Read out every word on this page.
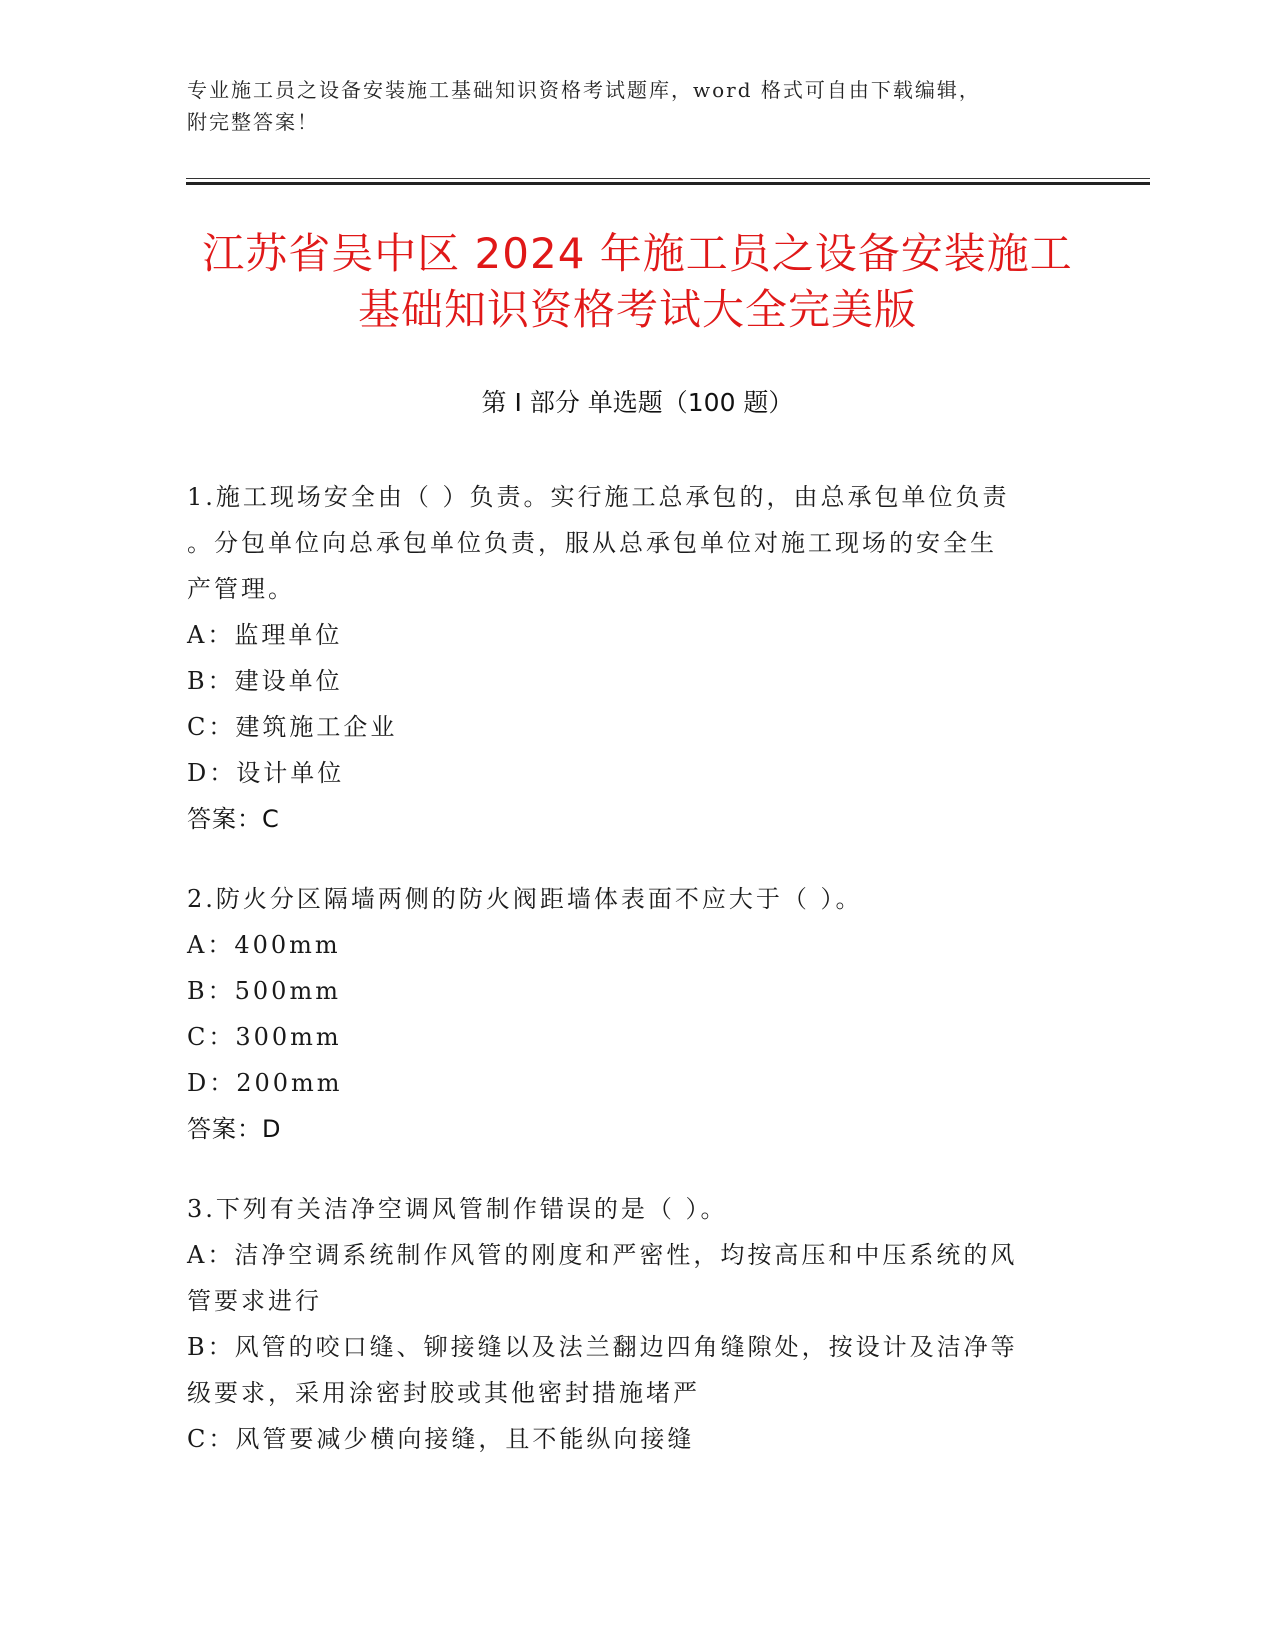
专业施工员之设备安装施工基础知识资格考试题库，word 格式可自由下载编辑，
附完整答案！
江苏省吴中区 2024 年施工员之设备安装施工
基础知识资格考试大全完美版
第 I 部分 单选题（100 题）
1.施工现场安全由（ ）负责。实行施工总承包的，由总承包单位负责
。分包单位向总承包单位负责，服从总承包单位对施工现场的安全生
产管理。
A：监理单位
B：建设单位
C：建筑施工企业
D：设计单位
答案：C
2.防火分区隔墙两侧的防火阀距墙体表面不应大于（ ）。
A：400mm
B：500mm
C：300mm
D：200mm
答案：D
3.下列有关洁净空调风管制作错误的是（ ）。
A：洁净空调系统制作风管的刚度和严密性，均按高压和中压系统的风
管要求进行
B：风管的咬口缝、铆接缝以及法兰翻边四角缝隙处，按设计及洁净等
级要求，采用涂密封胶或其他密封措施堵严
C：风管要减少横向接缝，且不能纵向接缝
